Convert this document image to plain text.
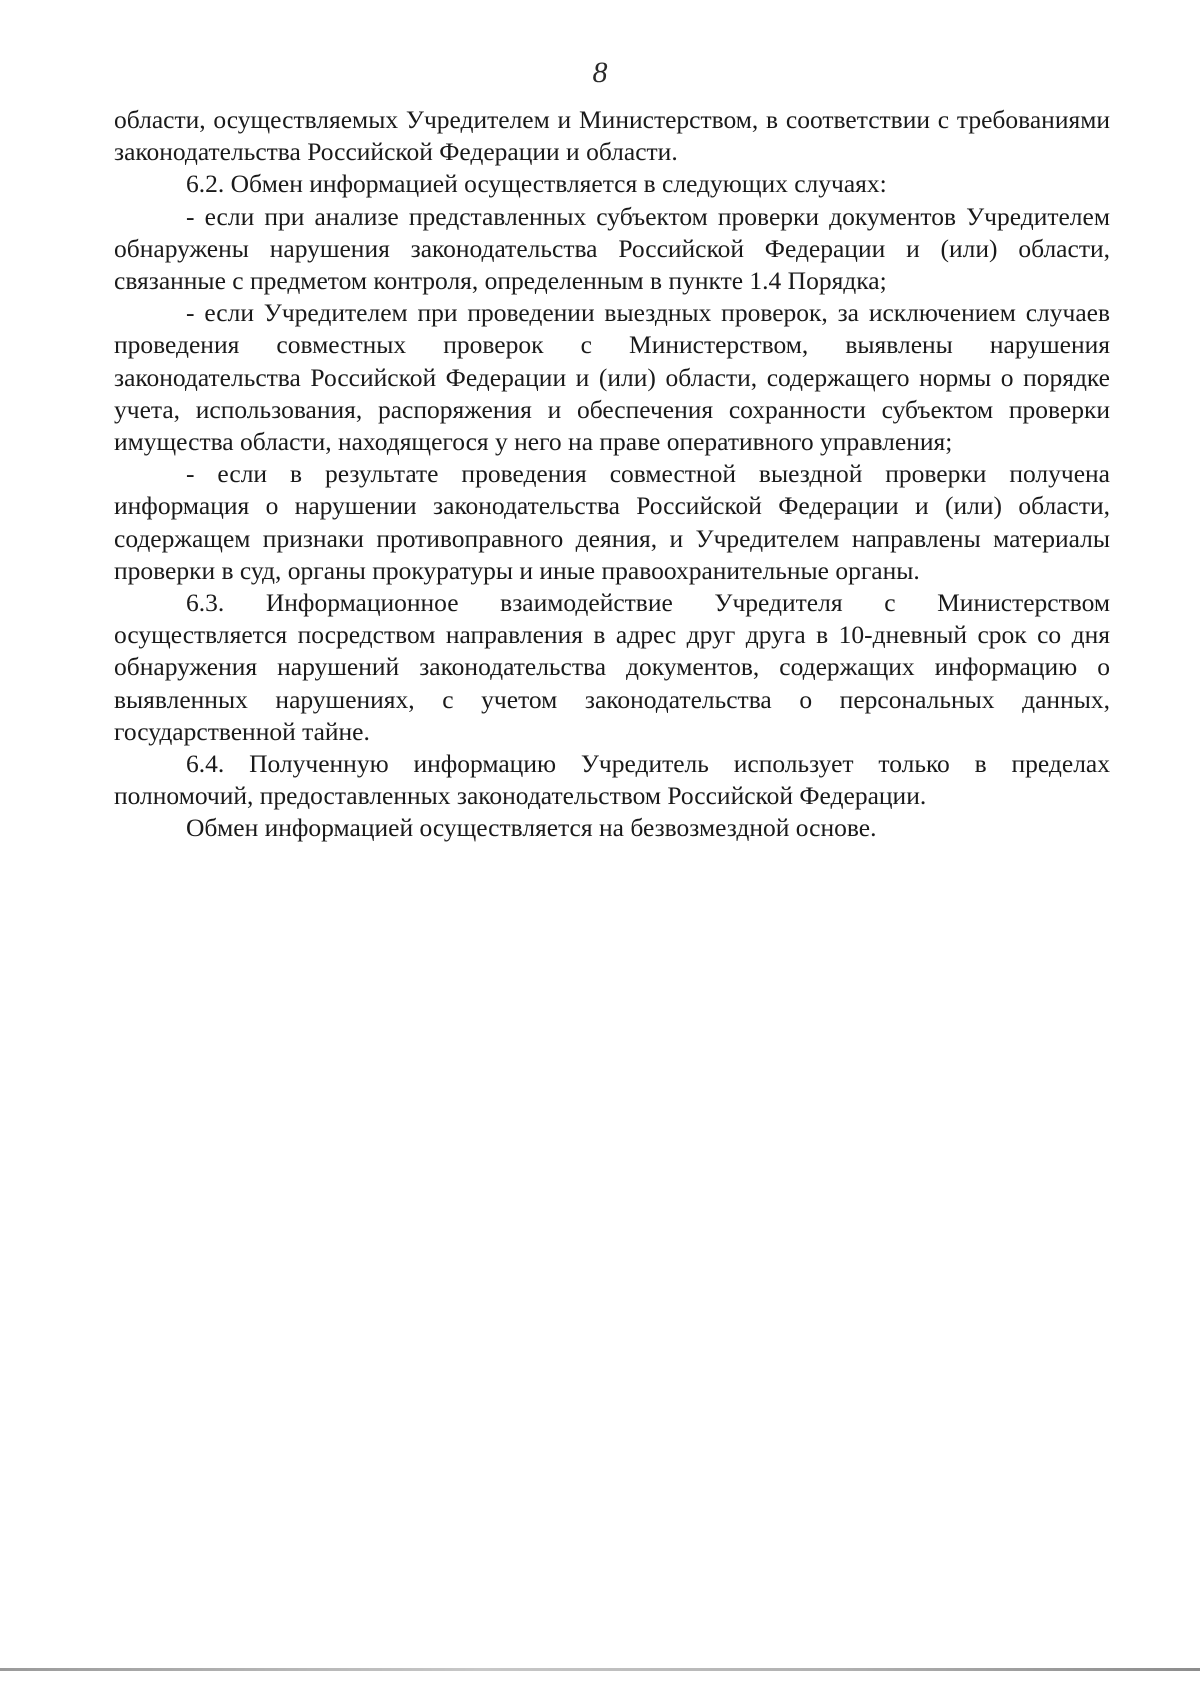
8

области, осуществляемых Учредителем и Министерством, в соответствии с требованиями законодательства Российской Федерации и области.

6.2. Обмен информацией осуществляется в следующих случаях:

- если при анализе представленных субъектом проверки документов Учредителем обнаружены нарушения законодательства Российской Федерации и (или) области, связанные с предметом контроля, определенным в пункте 1.4 Порядка;

- если Учредителем при проведении выездных проверок, за исключением случаев проведения совместных проверок с Министерством, выявлены нарушения законодательства Российской Федерации и (или) области, содержащего нормы о порядке учета, использования, распоряжения и обеспечения сохранности субъектом проверки имущества области, находящегося у него на праве оперативного управления;

- если в результате проведения совместной выездной проверки получена информация о нарушении законодательства Российской Федерации и (или) области, содержащем признаки противоправного деяния, и Учредителем направлены материалы проверки в суд, органы прокуратуры и иные правоохранительные органы.

6.3. Информационное взаимодействие Учредителя с Министерством осуществляется посредством направления в адрес друг друга в 10-дневный срок со дня обнаружения нарушений законодательства документов, содержащих информацию о выявленных нарушениях, с учетом законодательства о персональных данных, государственной тайне.

6.4. Полученную информацию Учредитель использует только в пределах полномочий, предоставленных законодательством Российской Федерации.

Обмен информацией осуществляется на безвозмездной основе.
